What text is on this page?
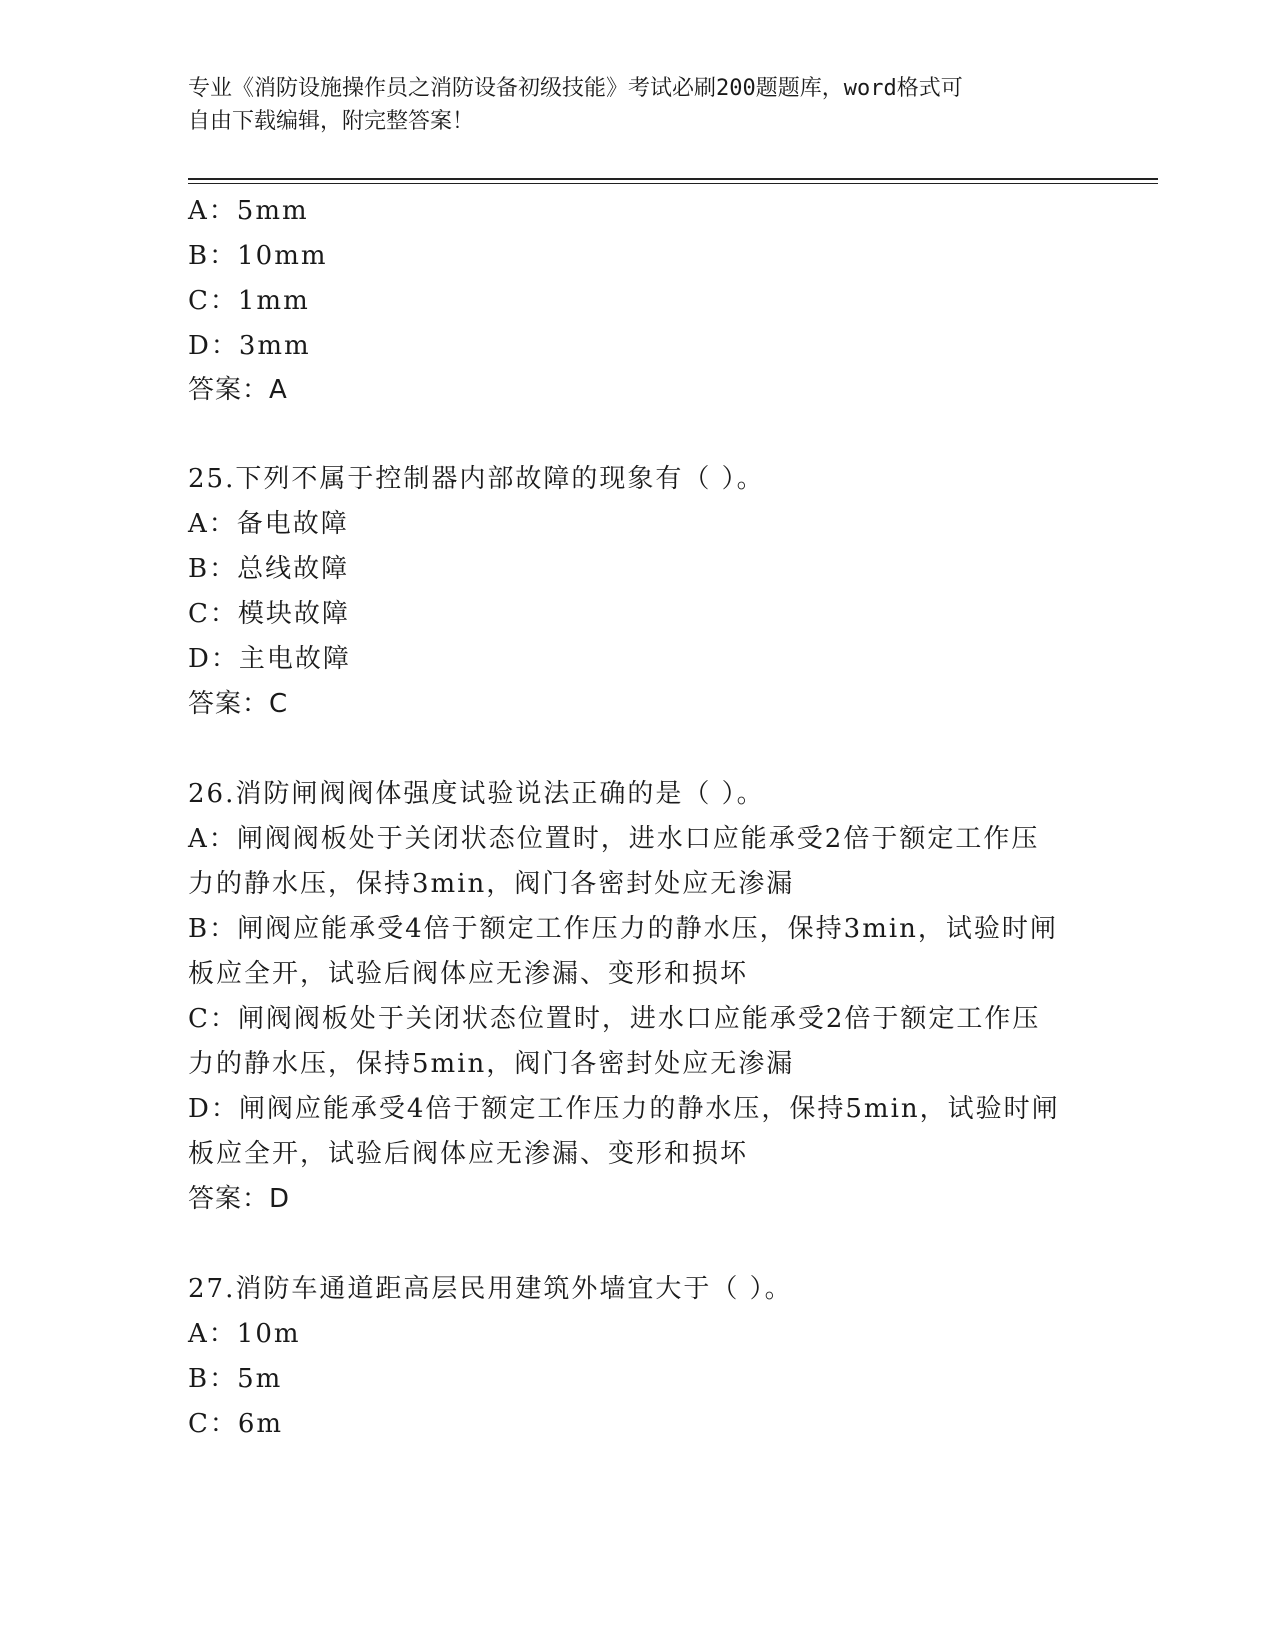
专业《消防设施操作员之消防设备初级技能》考试必刷200题题库，word格式可
自由下载编辑，附完整答案！
A：5mm
B：10mm
C：1mm
D：3mm
答案：A
25.下列不属于控制器内部故障的现象有（ ）。
A：备电故障
B：总线故障
C：模块故障
D：主电故障
答案：C
26.消防闸阀阀体强度试验说法正确的是（ ）。
A：闸阀阀板处于关闭状态位置时，进水口应能承受2倍于额定工作压
力的静水压，保持3min，阀门各密封处应无渗漏
B：闸阀应能承受4倍于额定工作压力的静水压，保持3min，试验时闸
板应全开，试验后阀体应无渗漏、变形和损坏
C：闸阀阀板处于关闭状态位置时，进水口应能承受2倍于额定工作压
力的静水压，保持5min，阀门各密封处应无渗漏
D：闸阀应能承受4倍于额定工作压力的静水压，保持5min，试验时闸
板应全开，试验后阀体应无渗漏、变形和损坏
答案：D
27.消防车通道距高层民用建筑外墙宜大于（ ）。
A：10m
B：5m
C：6m
